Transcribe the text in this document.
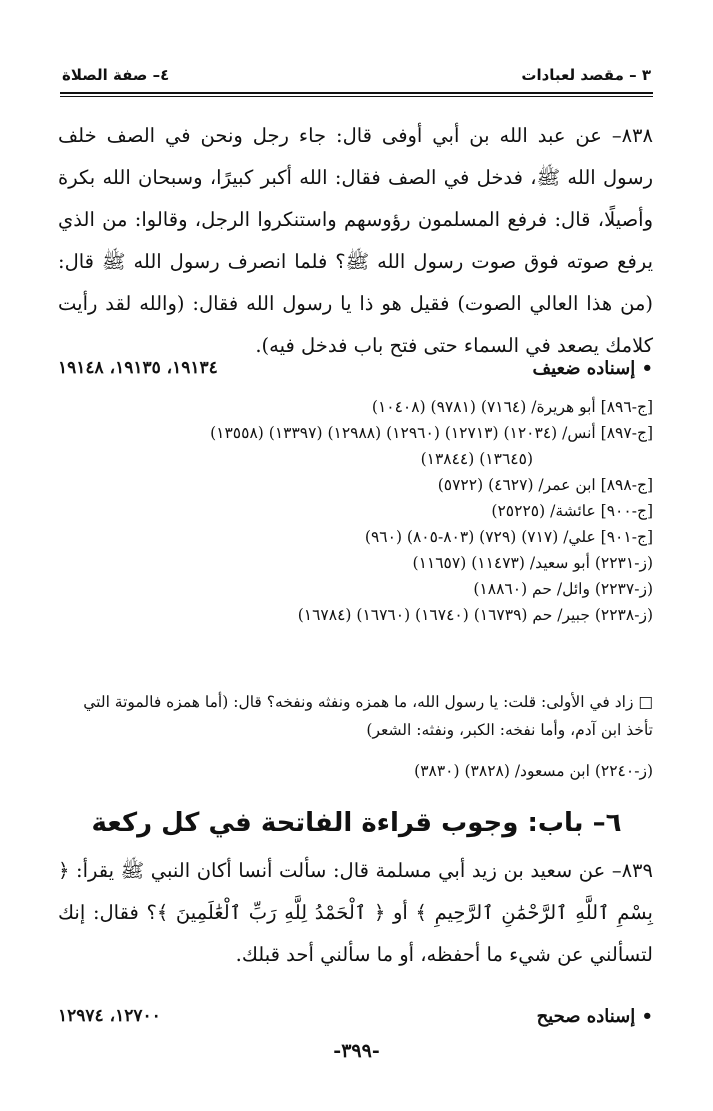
٣ – مقصد لعبادات
٤– صفة الصلاة
٨٣٨– عن عبد الله بن أبي أوفى قال: جاء رجل ونحن في الصف خلف رسول الله ﷺ، فدخل في الصف فقال: الله أكبر كبيرًا، وسبحان الله بكرة وأصيلًا، قال: فرفع المسلمون رؤوسهم واستنكروا الرجل، وقالوا: من الذي يرفع صوته فوق صوت رسول الله ﷺ؟ فلما انصرف رسول الله ﷺ قال: (من هذا العالي الصوت) فقيل هو ذا يا رسول الله فقال: (والله لقد رأيت كلامك يصعد في السماء حتى فتح باب فدخل فيه).
• إسناده ضعيف
١٩١٣٤، ١٩١٣٥، ١٩١٤٨
[ج-٨٩٦] أبو هريرة/ (٧١٦٤) (٩٧٨١) (١٠٤٠٨)
[ج-٨٩٧] أنس/ (١٢٠٣٤) (١٢٧١٣) (١٢٩٦٠) (١٢٩٨٨) (١٣٣٩٧) (١٣٥٥٨)
(١٣٦٤٥) (١٣٨٤٤)
[ج-٨٩٨] ابن عمر/ (٤٦٢٧) (٥٧٢٢)
[ج-٩٠٠] عائشة/ (٢٥٢٢٥)
[ج-٩٠١] علي/ (٧١٧) (٧٢٩) (٨٠٣-٨٠٥) (٩٦٠)
(ز-٢٢٣١) أبو سعيد/ (١١٤٧٣) (١١٦٥٧)
(ز-٢٢٣٧) وائل/ حم (١٨٨٦٠)
(ز-٢٢٣٨) جبير/ حم (١٦٧٣٩) (١٦٧٤٠) (١٦٧٦٠) (١٦٧٨٤)
□ زاد في الأولى: قلت: يا رسول الله، ما همزه ونفثه ونفخه؟ قال: (أما همزه فالموتة التي تأخذ ابن آدم، وأما نفخه: الكبر، ونفثه: الشعر)
(ز-٢٢٤٠) ابن مسعود/ (٣٨٢٨) (٣٨٣٠)
٦– باب: وجوب قراءة الفاتحة في كل ركعة
٨٣٩– عن سعيد بن زيد أبي مسلمة قال: سألت أنسا أكان النبي ﷺ يقرأ: ﴿ بِسْمِ ٱللَّهِ ٱلرَّحْمَٰنِ ٱلرَّحِيمِ ﴾ أو ﴿ ٱلْحَمْدُ لِلَّهِ رَبِّ ٱلْعَٰلَمِينَ ﴾؟ فقال: إنك لتسألني عن شيء ما أحفظه، أو ما سألني أحد قبلك.
• إسناده صحيح
١٢٧٠٠، ١٢٩٧٤
-٣٩٩-
